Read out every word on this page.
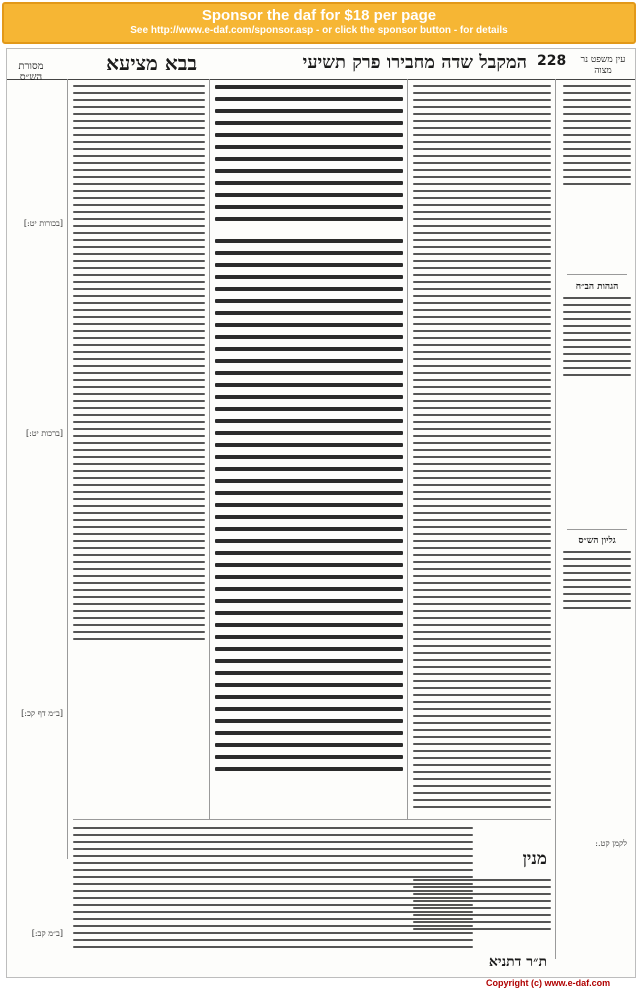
Sponsor the daf for $18 per page
See http://www.e-daf.com/sponsor.asp - or click the sponsor button - for details
עין משפט נר מצוה
228
המקבל שדה מחבירו פרק תשיעי
בבא מציעא
מסורת הש״ס
הגהות הב״ח
גליון הש״ס
לקמן קט.:
[בכורות יט:]
[ברכות יט:]
[ב״מ דף קכ:]
[ב״מ קב:]
מנין
ת״ר דתניא
Copyright (c) www.e-daf.com
